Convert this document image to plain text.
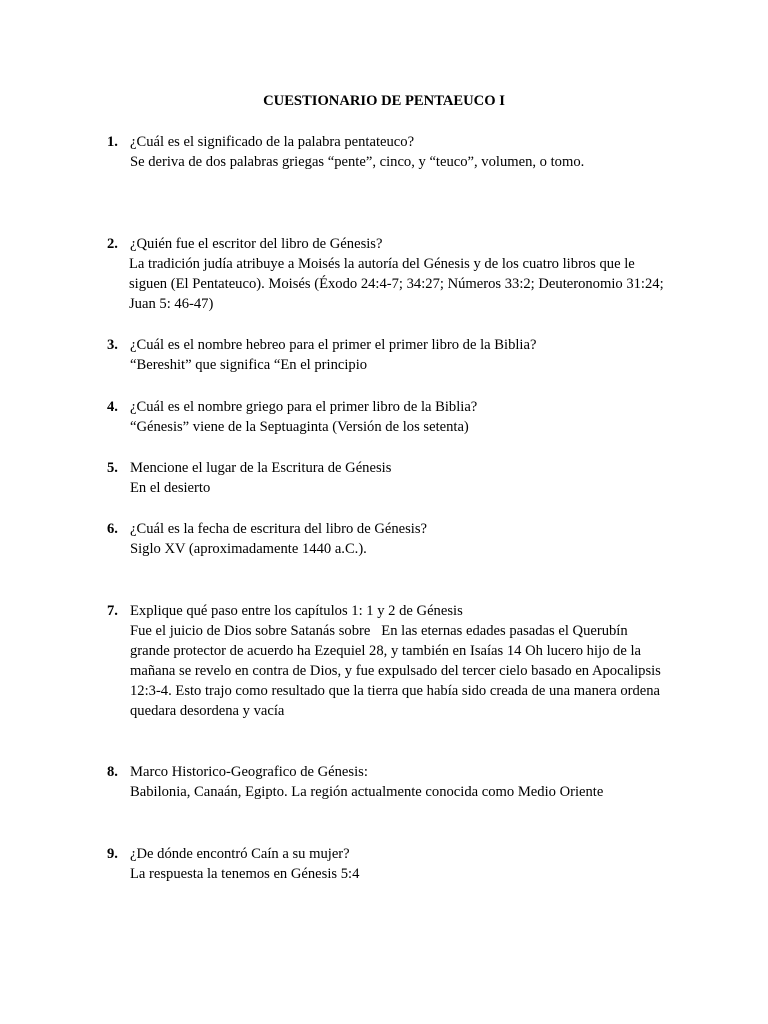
CUESTIONARIO DE PENTAEUCO I
1. ¿Cuál es el significado de la palabra pentateuco?
Se deriva de dos palabras griegas “pente”, cinco, y “teuco”, volumen, o tomo.
2. ¿Quién fue el escritor del libro de Génesis?
La tradición judía atribuye a Moisés la autoría del Génesis y de los cuatro libros que le siguen (El Pentateuco). Moisés (Éxodo 24:4-7; 34:27; Números 33:2; Deuteronomio 31:24; Juan 5: 46-47)
3. ¿Cuál es el nombre hebreo para el primer el primer libro de la Biblia?
“Bereshit” que significa “En el principio
4. ¿Cuál es el nombre griego para el primer libro de la Biblia?
“Génesis” viene de la Septuaginta (Versión de los setenta)
5. Mencione el lugar de la Escritura de Génesis
En el desierto
6. ¿Cuál es la fecha de escritura del libro de Génesis?
Siglo XV (aproximadamente 1440 a.C.).
7. Explique qué paso entre los capítulos 1: 1 y 2 de Génesis
Fue el juicio de Dios sobre Satanás sobre   En las eternas edades pasadas el Querubín grande protector de acuerdo ha Ezequiel 28, y también en Isaías 14 Oh lucero hijo de la mañana se revelo en contra de Dios, y fue expulsado del tercer cielo basado en Apocalipsis 12:3-4. Esto trajo como resultado que la tierra que había sido creada de una manera ordena quedara desordena y vacía
8. Marco Historico-Geografico de Génesis:
Babilonia, Canaán, Egipto. La región actualmente conocida como Medio Oriente
9. ¿De dónde encontró Caín a su mujer?
La respuesta la tenemos en Génesis 5:4
